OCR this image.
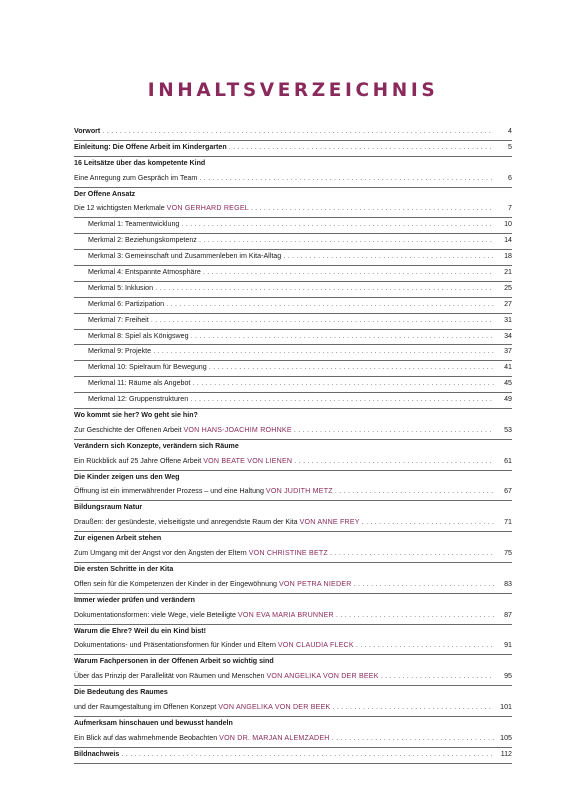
INHALTSVERZEICHNIS
Vorwort . . .	4
Einleitung: Die Offene Arbeit im Kindergarten . . .	5
16 Leitsätze über das kompetente Kind
Eine Anregung zum Gespräch im Team . . .	6
Der Offene Ansatz
Die 12 wichtigsten Merkmale VON GERHARD REGEL . . .	7
Merkmal 1: Teamentwicklung . . .	10
Merkmal 2: Beziehungskompetenz . . .	14
Merkmal 3: Gemeinschaft und Zusammenleben im Kita-Alltag . . .	18
Merkmal 4: Entspannte Atmosphäre . . .	21
Merkmal 5: Inklusion . . .	25
Merkmal 6: Partizipation . . .	27
Merkmal 7: Freiheit . . .	31
Merkmal 8: Spiel als Königsweg . . .	34
Merkmal 9: Projekte . . .	37
Merkmal 10: Spielraum für Bewegung . . .	41
Merkmal 11: Räume als Angebot . . .	45
Merkmal 12: Gruppenstrukturen . . .	49
Wo kommt sie her? Wo geht sie hin?
Zur Geschichte der Offenen Arbeit VON HANS-JOACHIM ROHNKE . . .	53
Verändern sich Konzepte, verändern sich Räume
Ein Rückblick auf 25 Jahre Offene Arbeit VON BEATE VON LIENEN . . .	61
Die Kinder zeigen uns den Weg
Öffnung ist ein immerwährender Prozess – und eine Haltung VON JUDITH METZ . . .	67
Bildungsraum Natur
Draußen: der gesündeste, vielseitigste und anregendste Raum der Kita VON ANNE FREY . . .	71
Zur eigenen Arbeit stehen
Zum Umgang mit der Angst vor den Ängsten der Eltern VON CHRISTINE BETZ . . .	75
Die ersten Schritte in der Kita
Offen sein für die Kompetenzen der Kinder in der Eingewöhnung VON PETRA NIEDER . . .	83
Immer wieder prüfen und verändern
Dokumentationsformen: viele Wege, viele Beteiligte VON EVA MARIA BRUNNER . . .	87
Warum die Ehre? Weil du ein Kind bist!
Dokumentations- und Präsentationsformen für Kinder und Eltern VON CLAUDIA FLECK . . .	91
Warum Fachpersonen in der Offenen Arbeit so wichtig sind
Über das Prinzip der Parallelität von Räumen und Menschen VON ANGELIKA VON DER BEEK . . .	95
Die Bedeutung des Raumes
und der Raumgestaltung im Offenen Konzept VON ANGELIKA VON DER BEEK . . .	101
Aufmerksam hinschauen und bewusst handeln
Ein Blick auf das wahrnehmende Beobachten VON DR. MARJAN ALEMZADEH . . .	105
Bildnachweis . . .	112
